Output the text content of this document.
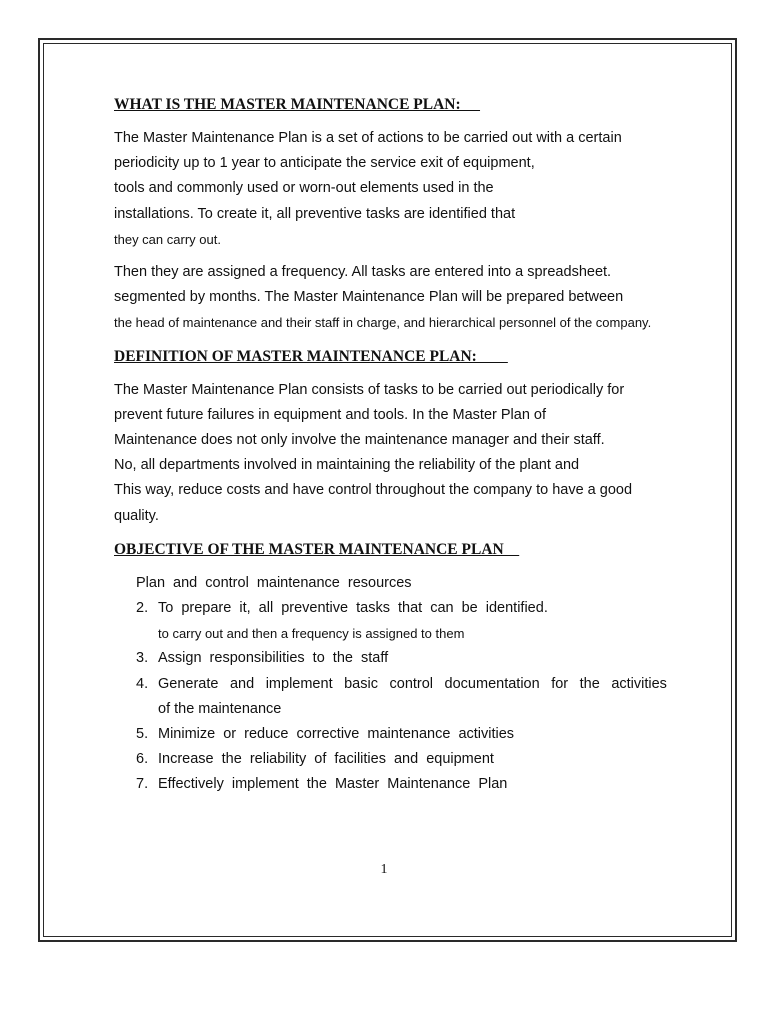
WHAT IS THE MASTER MAINTENANCE PLAN:
The Master Maintenance Plan is a set of actions to be carried out with a certain
periodicity up to 1 year to anticipate the service exit of equipment,
tools and commonly used or worn-out elements used in the
installations. To create it, all preventive tasks are identified that
they can carry out.
Then they are assigned a frequency. All tasks are entered into a spreadsheet.
segmented by months. The Master Maintenance Plan will be prepared between
the head of maintenance and their staff in charge, and hierarchical personnel of the company.
DEFINITION OF MASTER MAINTENANCE PLAN:
The Master Maintenance Plan consists of tasks to be carried out periodically for
prevent future failures in equipment and tools. In the Master Plan of
Maintenance does not only involve the maintenance manager and their staff.
No, all departments involved in maintaining the reliability of the plant and
This way, reduce costs and have control throughout the company to have a good
quality.
OBJECTIVE OF THE MASTER MAINTENANCE PLAN
Plan and control maintenance resources
2. To prepare it, all preventive tasks that can be identified.
to carry out and then a frequency is assigned to them
3. Assign responsibilities to the staff
4. Generate and implement basic control documentation for the activities
of the maintenance
5. Minimize or reduce corrective maintenance activities
6. Increase the reliability of facilities and equipment
7. Effectively implement the Master Maintenance Plan
1
